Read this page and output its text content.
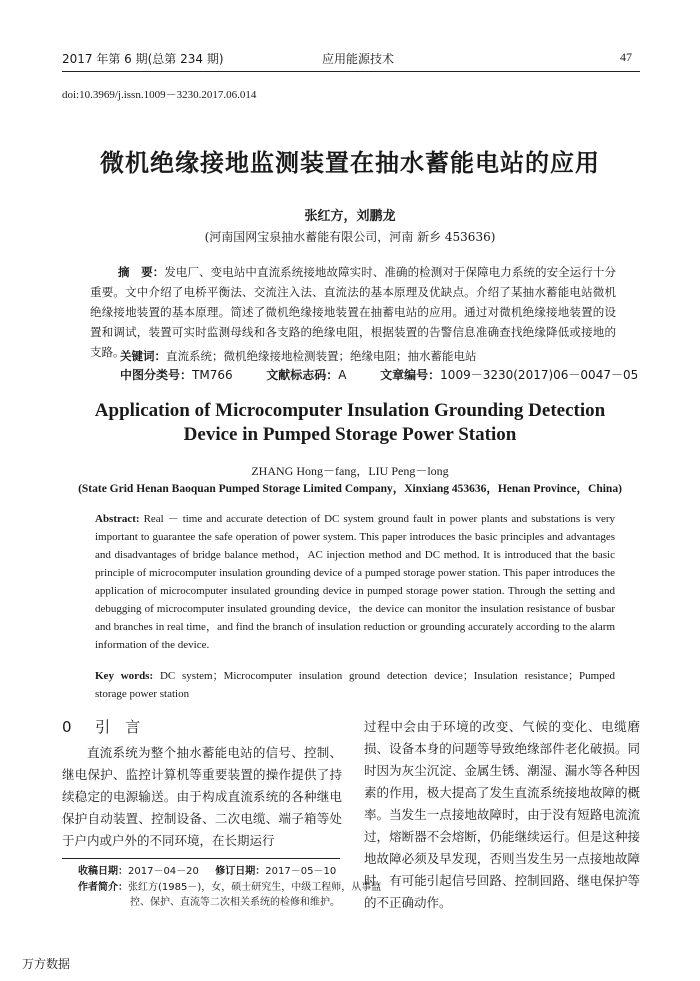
2017 年第 6 期(总第 234 期)	应用能源技术	47
doi:10.3969/j.issn.1009－3230.2017.06.014
微机绝缘接地监测装置在抽水蓄能电站的应用
张红方，刘鹏龙
(河南国网宝泉抽水蓄能有限公司，河南 新乡 453636)
摘　要：发电厂、变电站中直流系统接地故障实时、准确的检测对于保障电力系统的安全运行十分重要。文中介绍了电桥平衡法、交流注入法、直流法的基本原理及优缺点。介绍了某抽水蓄能电站微机绝缘接地装置的基本原理。简述了微机绝缘接地装置在抽蓄电站的应用。通过对微机绝缘接地装置的设置和调试，装置可实时监测母线和各支路的绝缘电阻，根据装置的告警信息准确查找绝缘降低或接地的支路。
关键词：直流系统；微机绝缘接地检测装置；绝缘电阻；抽水蓄能电站
中图分类号：TM766	文献标志码：A	文章编号：1009－3230(2017)06－0047－05
Application of Microcomputer Insulation Grounding Detection
Device in Pumped Storage Power Station
ZHANG Hong－fang，LIU Peng－long
(State Grid Henan Baoquan Pumped Storage Limited Company，Xinxiang 453636，Henan Province，China)
Abstract: Real － time and accurate detection of DC system ground fault in power plants and substations is very important to guarantee the safe operation of power system. This paper introduces the basic principles and advantages and disadvantages of bridge balance method，AC injection method and DC method. It is introduced that the basic principle of microcomputer insulation grounding device of a pumped storage power station. This paper introduces the application of microcomputer insulated grounding device in pumped storage power station. Through the setting and debugging of microcomputer insulated grounding device，the device can monitor the insulation resistance of busbar and branches in real time，and find the branch of insulation reduction or grounding accurately according to the alarm information of the device.
Key words: DC system；Microcomputer insulation ground detection device；Insulation resistance；Pumped storage power station
0 引　言
直流系统为整个抽水蓄能电站的信号、控制、继电保护、监控计算机等重要装置的操作提供了持续稳定的电源输送。由于构成直流系统的各种继电保护自动装置、控制设备、二次电缆、端子箱等处于户内或户外的不同环境，在长期运行
过程中会由于环境的改变、气候的变化、电缆磨损、设备本身的问题等导致绝缘部件老化破损。同时因为灰尘沉淀、金属生锈、潮湿、漏水等各种因素的作用，极大提高了发生直流系统接地故障的概率。当发生一点接地故障时，由于没有短路电流流过，熔断器不会熔断，仍能继续运行。但是这种接地故障必须及早发现，否则当发生另一点接地故障时，有可能引起信号回路、控制回路、继电保护等的不正确动作。
收稿日期：2017－04－20 修订日期：2017－05－10
作者简介：张红方(1985－)，女，硕士研究生，中级工程师，从事监控、保护、直流等二次相关系统的检修和维护。
万方数据
